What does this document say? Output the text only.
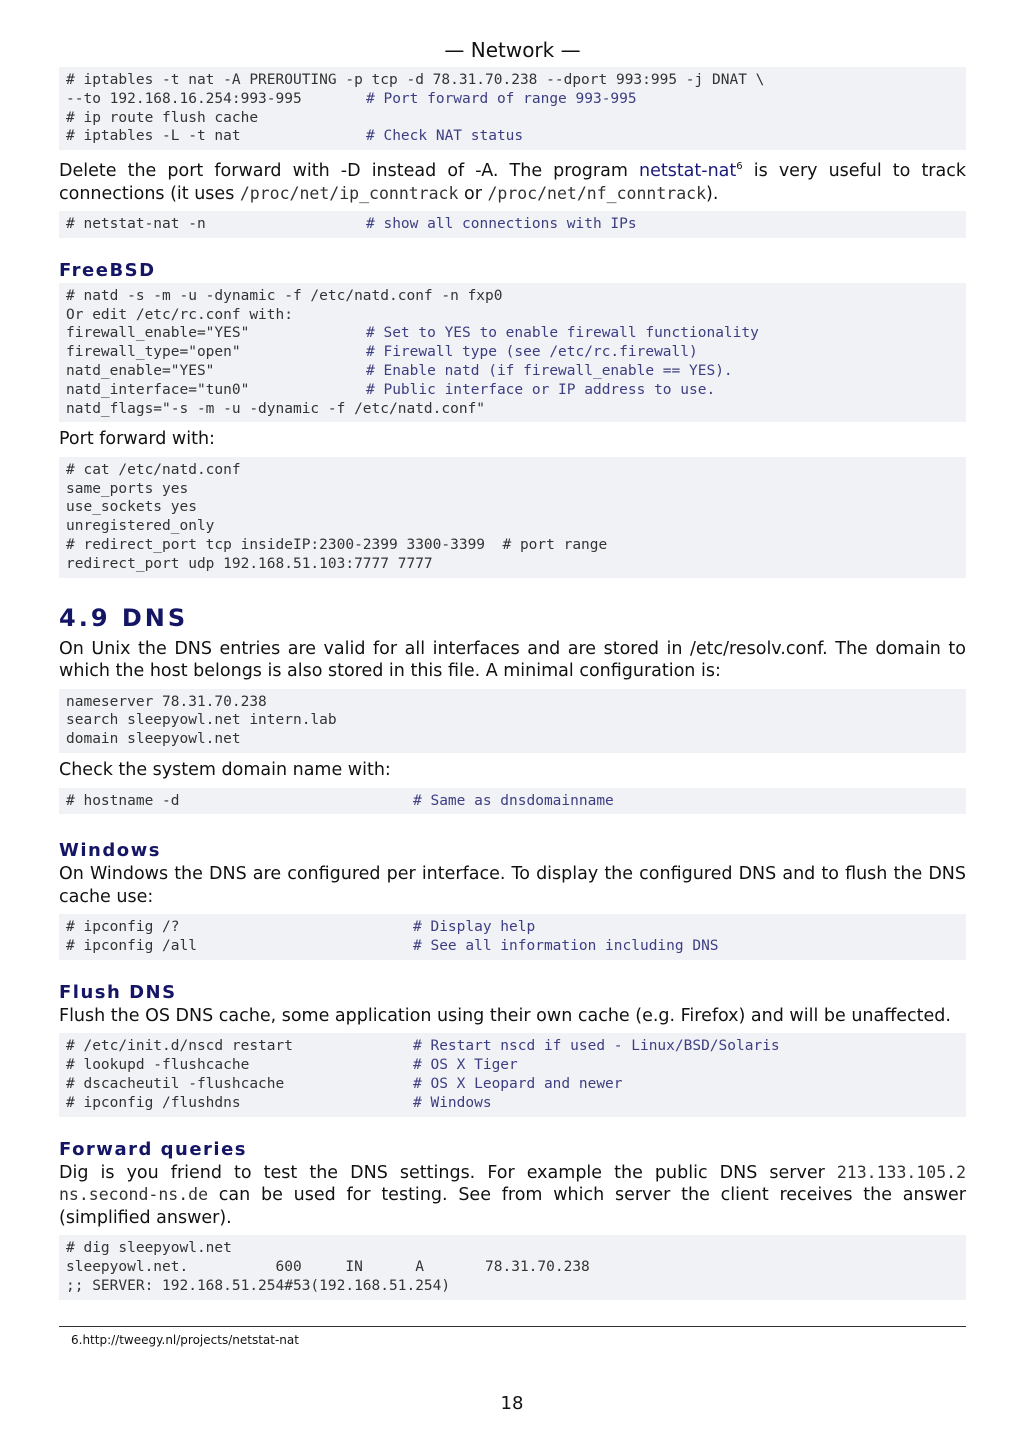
— Network —
# iptables -t nat -A PREROUTING -p tcp -d 78.31.70.238 --dport 993:995 -j DNAT \
--to 192.168.16.254:993-995	# Port forward of range 993-995
# ip route flush cache
# iptables -L -t nat	# Check NAT status

Delete the port forward with -D instead of -A. The program netstat-nat$^6$ is very useful to track connections (it uses /proc/net/ip_conntrack or /proc/net/nf_conntrack).

# netstat-nat -n	# show all connections with IPs
FreeBSD
# natd -s -m -u -dynamic -f /etc/natd.conf -n fxp0
Or edit /etc/rc.conf with:
firewall_enable="YES"	# Set to YES to enable firewall functionality
firewall_type="open"	# Firewall type (see /etc/rc.firewall)
natd_enable="YES"	# Enable natd (if firewall_enable == YES).
natd_interface="tun0"	# Public interface or IP address to use.
natd_flags="-s -m -u -dynamic -f /etc/natd.conf"

Port forward with:

# cat /etc/natd.conf
same_ports yes
use_sockets yes
unregistered_only
# redirect_port tcp insideIP:2300-2399 3300-3399  # port range
redirect_port udp 192.168.51.103:7777 7777
4.9 DNS

On Unix the DNS entries are valid for all interfaces and are stored in /etc/resolv.conf. The domain to which the host belongs is also stored in this file. A minimal configuration is:

nameserver 78.31.70.238
search sleepyowl.net intern.lab
domain sleepyowl.net

Check the system domain name with:

# hostname -d	# Same as dnsdomainname
Windows

On Windows the DNS are configured per interface. To display the configured DNS and to flush the DNS cache use:

# ipconfig /?	# Display help
# ipconfig /all	# See all information including DNS
Flush DNS

Flush the OS DNS cache, some application using their own cache (e.g. Firefox) and will be unaffected.

# /etc/init.d/nscd restart	# Restart nscd if used - Linux/BSD/Solaris
# lookupd -flushcache	# OS X Tiger
# dscacheutil -flushcache	# OS X Leopard and newer
# ipconfig /flushdns	# Windows
Forward queries

Dig is you friend to test the DNS settings. For example the public DNS server 213.133.105.2 ns.second-ns.de can be used for testing. See from which server the client receives the answer (simplified answer).

# dig sleepyowl.net
sleepyowl.net.          600     IN      A       78.31.70.238
;; SERVER: 192.168.51.254#53(192.168.51.254)
6.http://tweegy.nl/projects/netstat-nat
18
